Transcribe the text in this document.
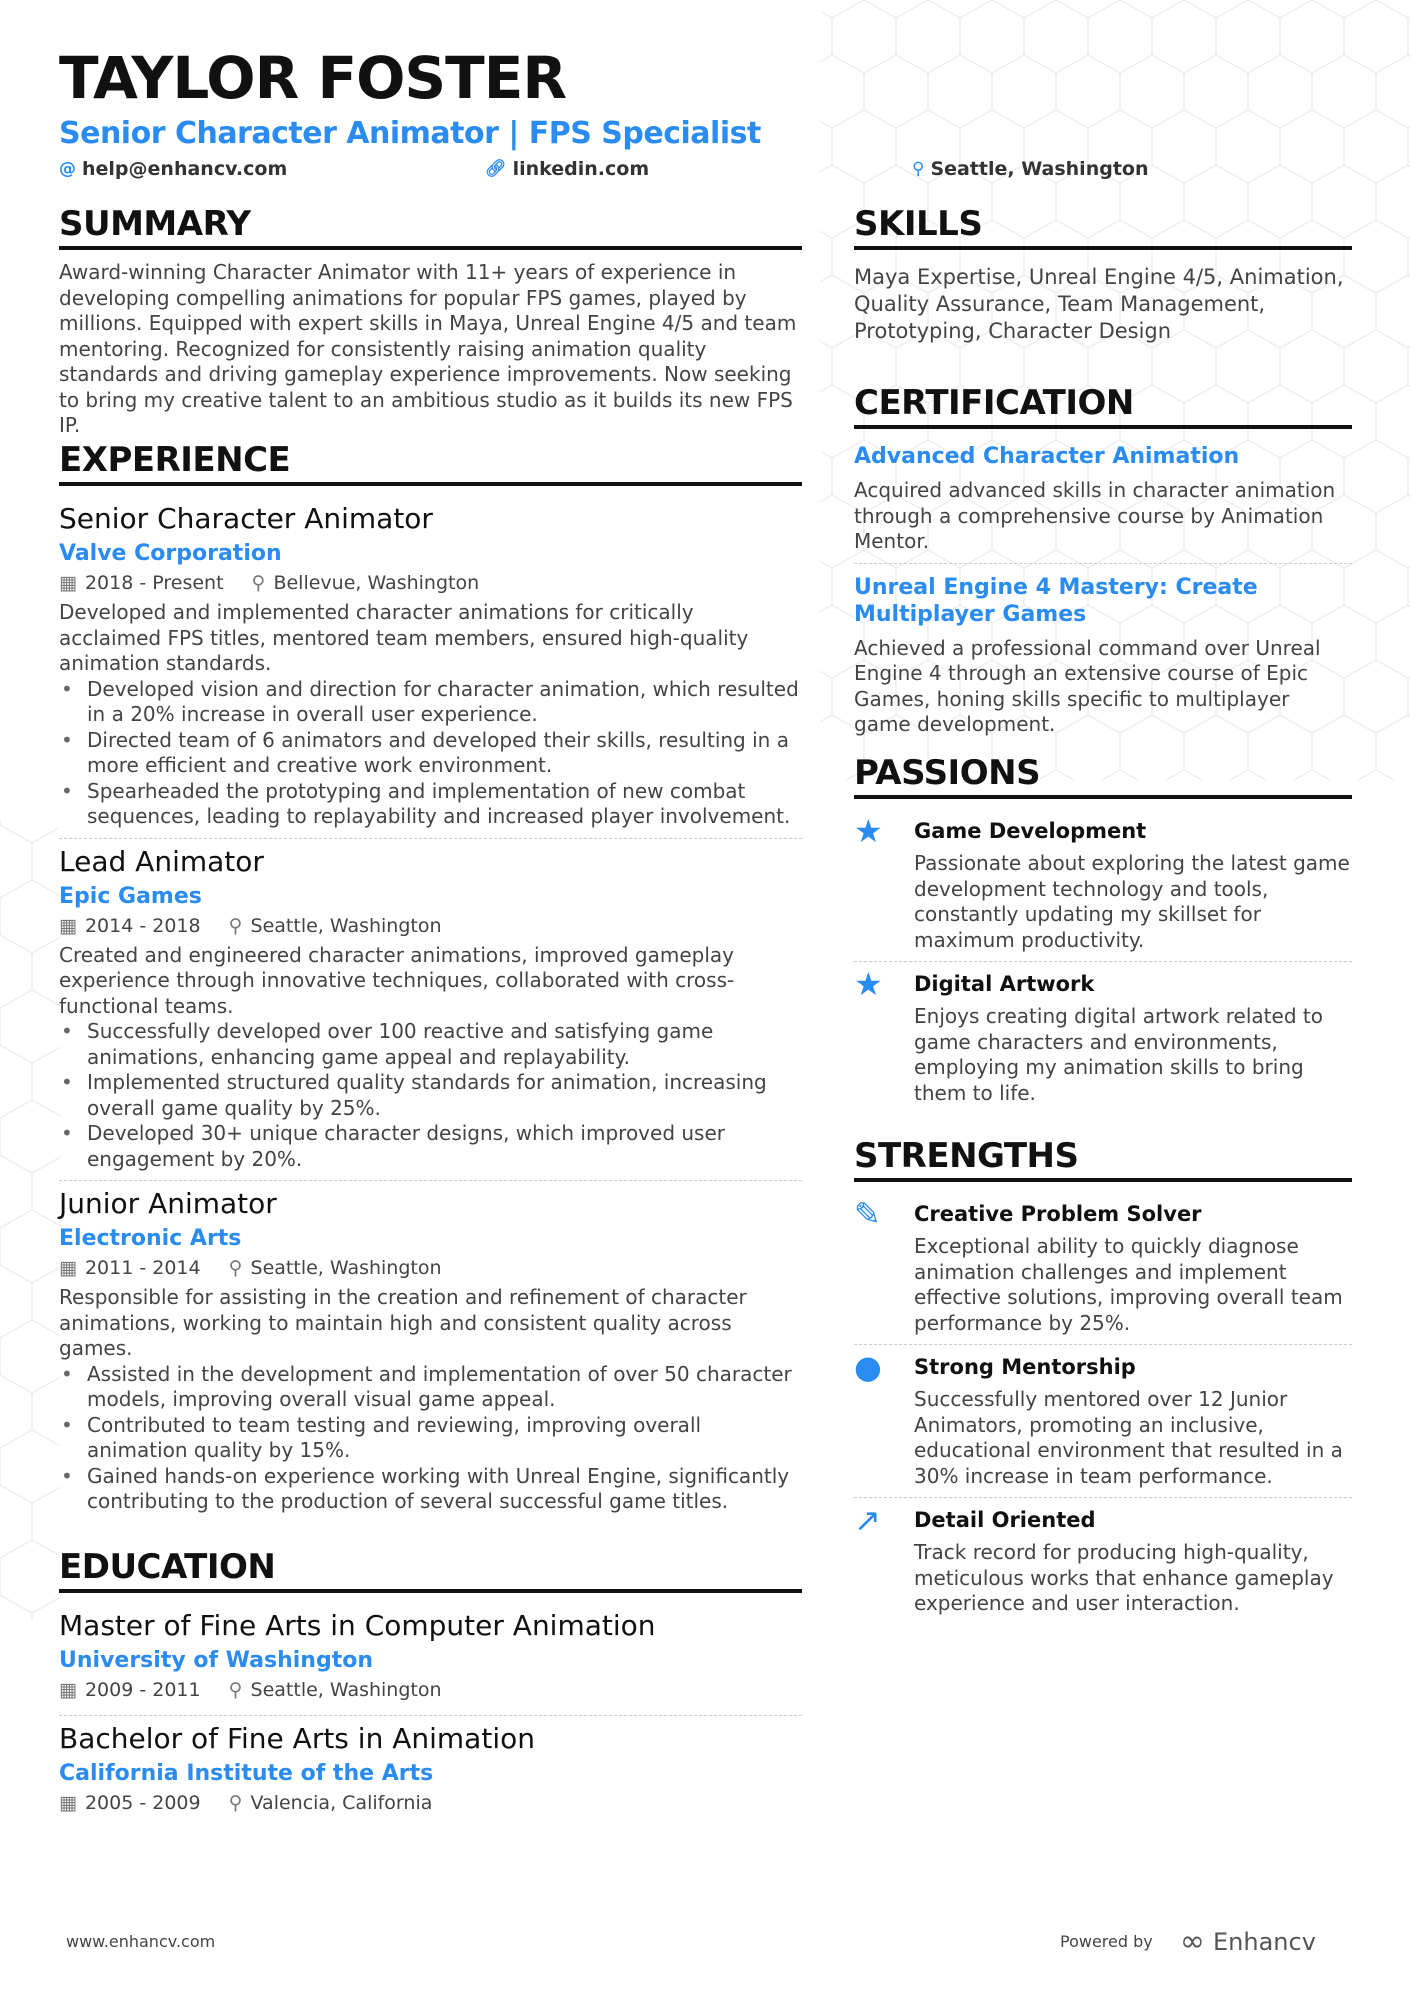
TAYLOR FOSTER
Senior Character Animator | FPS Specialist
@ help@enhancv.com	🔗︎ linkedin.com	⚲ Seattle, Washington
SUMMARY

Award-winning Character Animator with 11+ years of experience in developing compelling animations for popular FPS games, played by millions. Equipped with expert skills in Maya, Unreal Engine 4/5 and team mentoring. Recognized for consistently raising animation quality standards and driving gameplay experience improvements. Now seeking to bring my creative talent to an ambitious studio as it builds its new FPS IP.

EXPERIENCE
Senior Character Animator
Valve Corporation
▦ 2018 - Present ⚲ Bellevue, Washington

Developed and implemented character animations for critically acclaimed FPS titles, mentored team members, ensured high-quality animation standards.

• Developed vision and direction for character animation, which resulted in a 20% increase in overall user experience.
• Directed team of 6 animators and developed their skills, resulting in a more efficient and creative work environment.
• Spearheaded the prototyping and implementation of new combat sequences, leading to replayability and increased player involvement.
Lead Animator
Epic Games
▦ 2014 - 2018 ⚲ Seattle, Washington

Created and engineered character animations, improved gameplay experience through innovative techniques, collaborated with cross-functional teams.

• Successfully developed over 100 reactive and satisfying game animations, enhancing game appeal and replayability.
• Implemented structured quality standards for animation, increasing overall game quality by 25%.
• Developed 30+ unique character designs, which improved user engagement by 20%.
Junior Animator
Electronic Arts
▦ 2011 - 2014 ⚲ Seattle, Washington

Responsible for assisting in the creation and refinement of character animations, working to maintain high and consistent quality across games.

• Assisted in the development and implementation of over 50 character models, improving overall visual game appeal.
• Contributed to team testing and reviewing, improving overall animation quality by 15%.
• Gained hands-on experience working with Unreal Engine, significantly contributing to the production of several successful game titles.
EDUCATION
Master of Fine Arts in Computer Animation
University of Washington
▦ 2009 - 2011 ⚲ Seattle, Washington
Bachelor of Fine Arts in Animation
California Institute of the Arts
▦ 2005 - 2009 ⚲ Valencia, California
SKILLS

Maya Expertise, Unreal Engine 4/5, Animation, Quality Assurance, Team Management, Prototyping, Character Design

CERTIFICATION
Advanced Character Animation

Acquired advanced skills in character animation through a comprehensive course by Animation Mentor.

Unreal Engine 4 Mastery: Create Multiplayer Games

Achieved a professional command over Unreal Engine 4 through an extensive course of Epic Games, honing skills specific to multiplayer game development.

PASSIONS
★	Game Development

Passionate about exploring the latest game development technology and tools, constantly updating my skillset for maximum productivity.

★	Digital Artwork

Enjoys creating digital artwork related to game characters and environments, employing my animation skills to bring them to life.

STRENGTHS
✎	Creative Problem Solver

Exceptional ability to quickly diagnose animation challenges and implement effective solutions, improving overall team performance by 25%.

●	Strong Mentorship

Successfully mentored over 12 Junior Animators, promoting an inclusive, educational environment that resulted in a 30% increase in team performance.

↗	Detail Oriented

Track record for producing high-quality, meticulous works that enhance gameplay experience and user interaction.

www.enhancv.com	Powered by ∞ Enhancv
